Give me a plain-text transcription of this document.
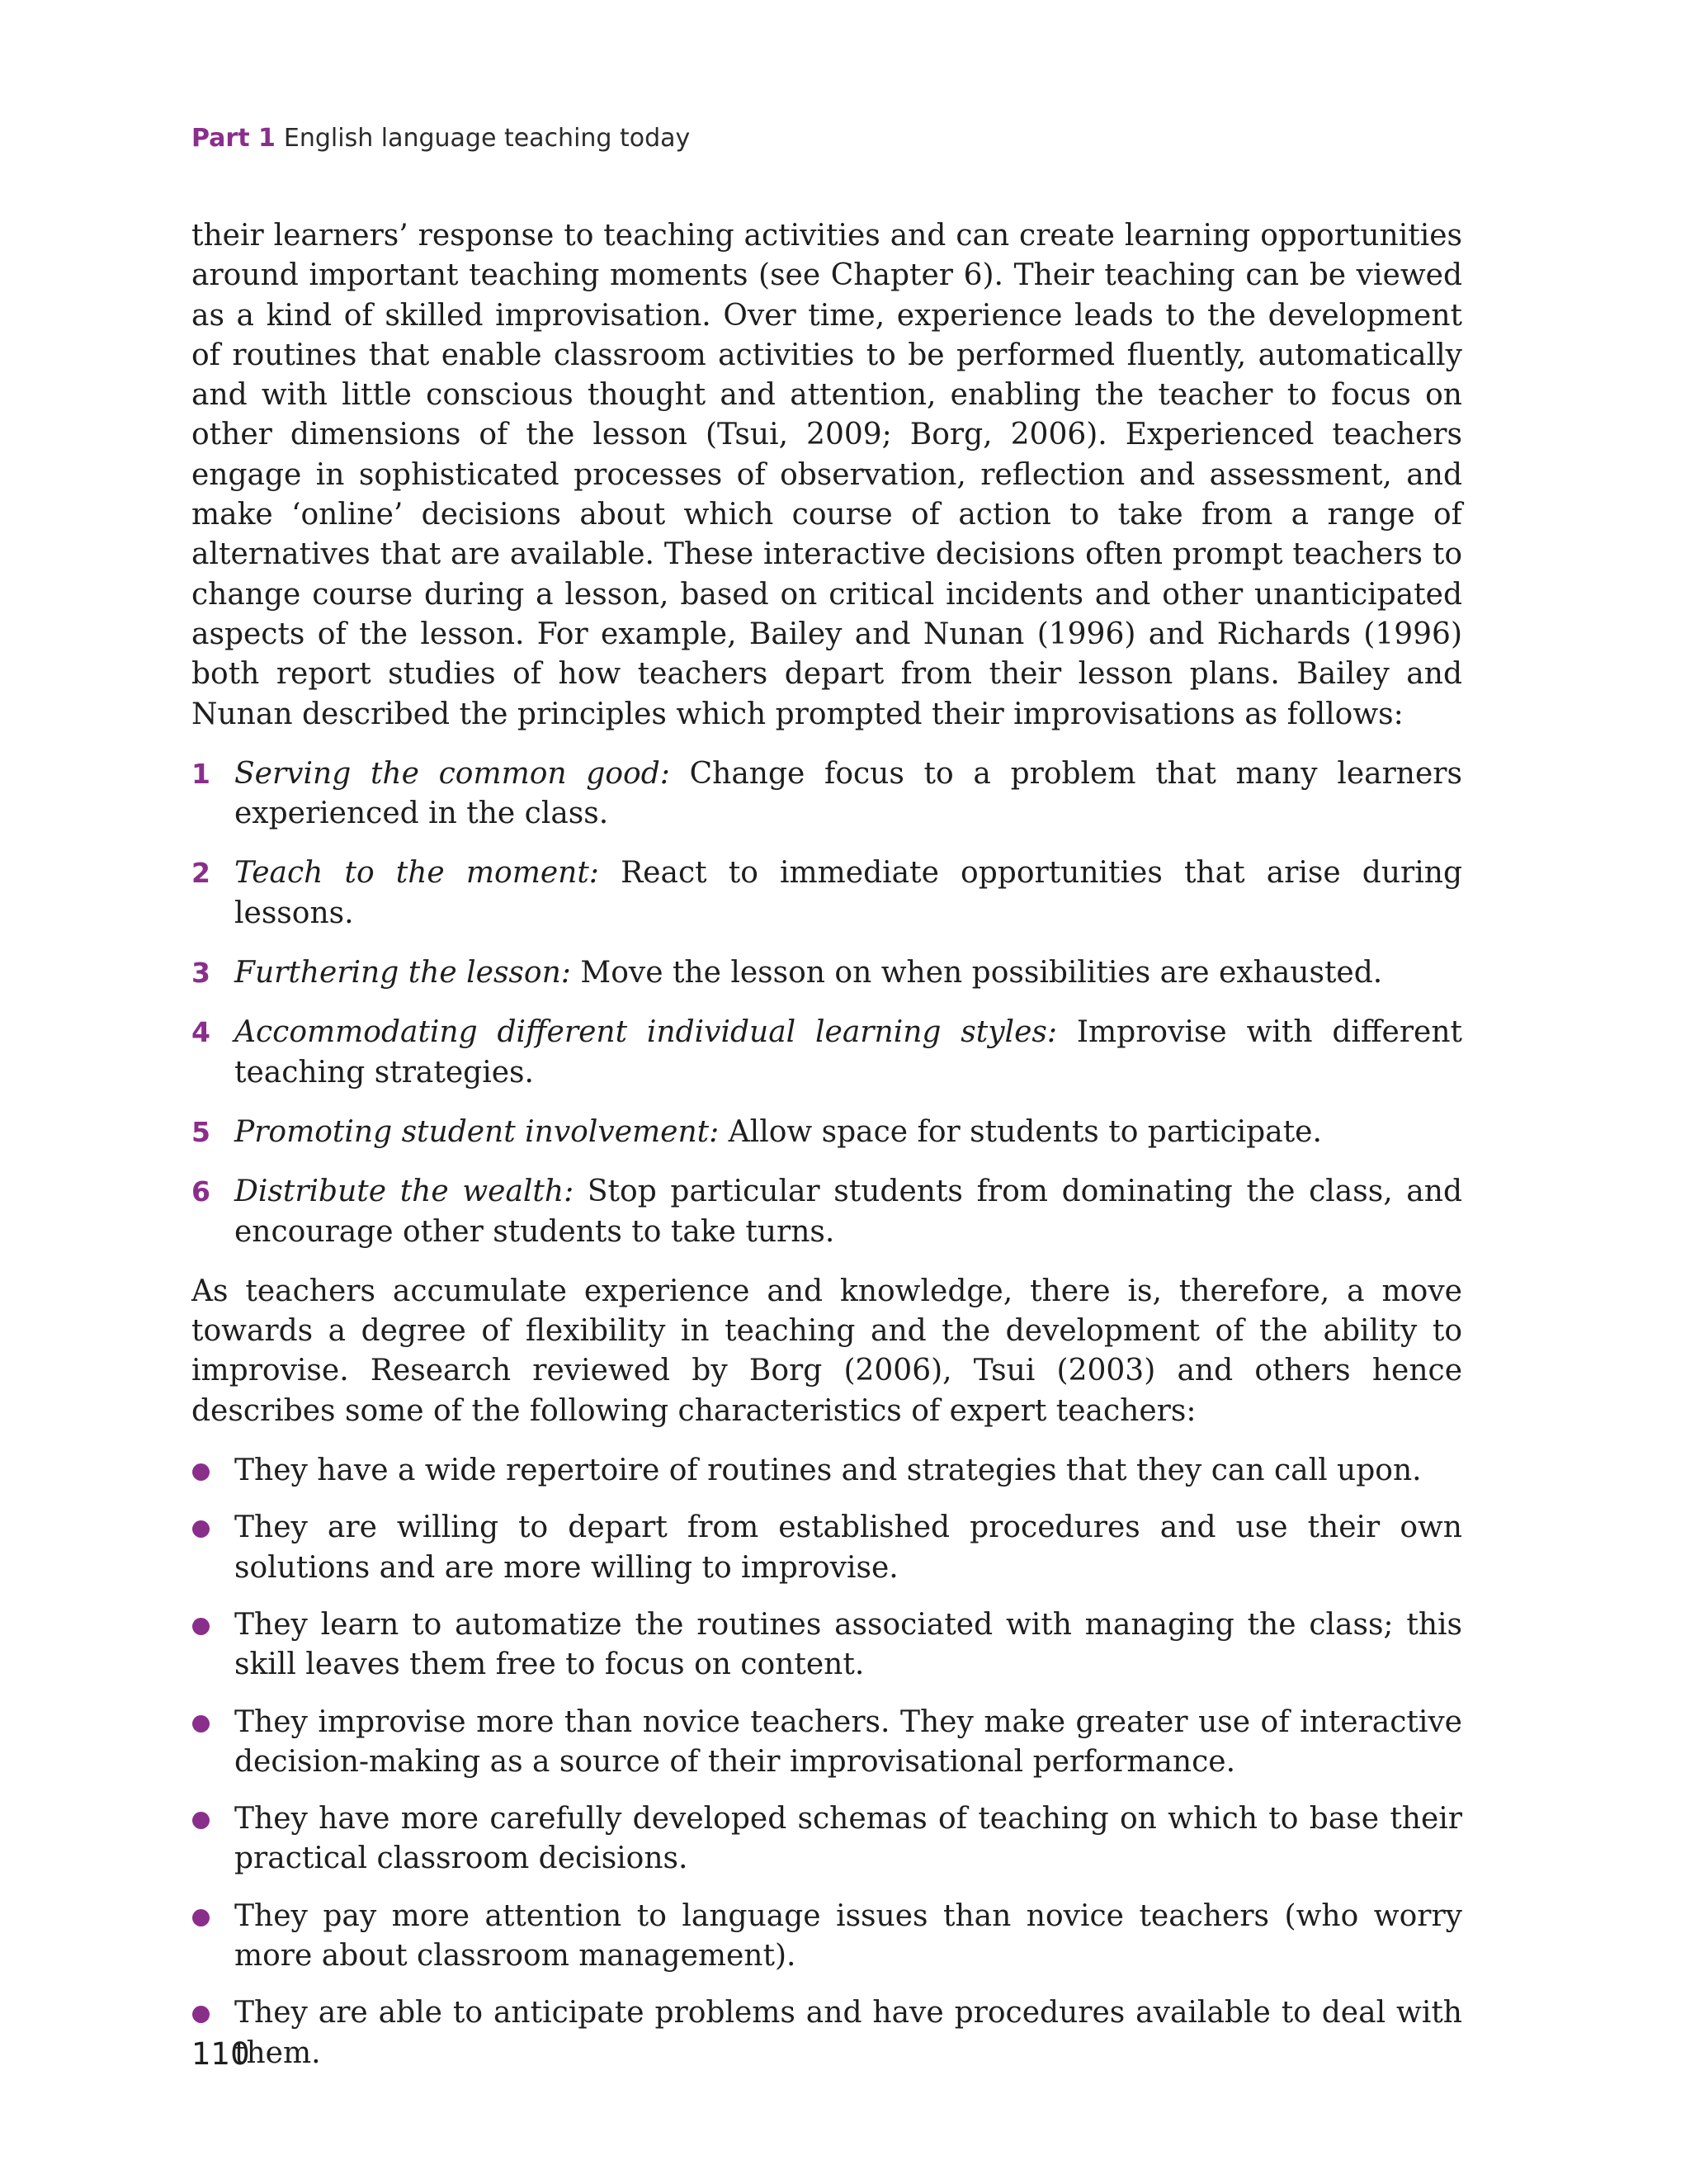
Part 1 English language teaching today

their learners’ response to teaching activities and can create learning opportunities around important teaching moments (see Chapter 6). Their teaching can be viewed as a kind of skilled improvisation. Over time, experience leads to the development of routines that enable classroom activities to be performed fluently, automatically and with little conscious thought and attention, enabling the teacher to focus on other dimensions of the lesson (Tsui, 2009; Borg, 2006). Experienced teachers engage in sophisticated processes of observation, reflection and assessment, and make ‘online’ decisions about which course of action to take from a range of alternatives that are available. These interactive decisions often prompt teachers to change course during a lesson, based on critical incidents and other unanticipated aspects of the lesson. For example, Bailey and Nunan (1996) and Richards (1996) both report studies of how teachers depart from their lesson plans. Bailey and Nunan described the principles which prompted their improvisations as follows:

1 Serving the common good: Change focus to a problem that many learners experienced in the class.
2 Teach to the moment: React to immediate opportunities that arise during lessons.
3 Furthering the lesson: Move the lesson on when possibilities are exhausted.
4 Accommodating different individual learning styles: Improvise with different teaching strategies.
5 Promoting student involvement: Allow space for students to participate.
6 Distribute the wealth: Stop particular students from dominating the class, and encourage other students to take turns.

As teachers accumulate experience and knowledge, there is, therefore, a move towards a degree of flexibility in teaching and the development of the ability to improvise. Research reviewed by Borg (2006), Tsui (2003) and others hence describes some of the following characteristics of expert teachers:

They have a wide repertoire of routines and strategies that they can call upon.
They are willing to depart from established procedures and use their own solutions and are more willing to improvise.
They learn to automatize the routines associated with managing the class; this skill leaves them free to focus on content.
They improvise more than novice teachers. They make greater use of interactive decision-making as a source of their improvisational performance.
They have more carefully developed schemas of teaching on which to base their practical classroom decisions.
They pay more attention to language issues than novice teachers (who worry more about classroom management).
They are able to anticipate problems and have procedures available to deal with them.
110
